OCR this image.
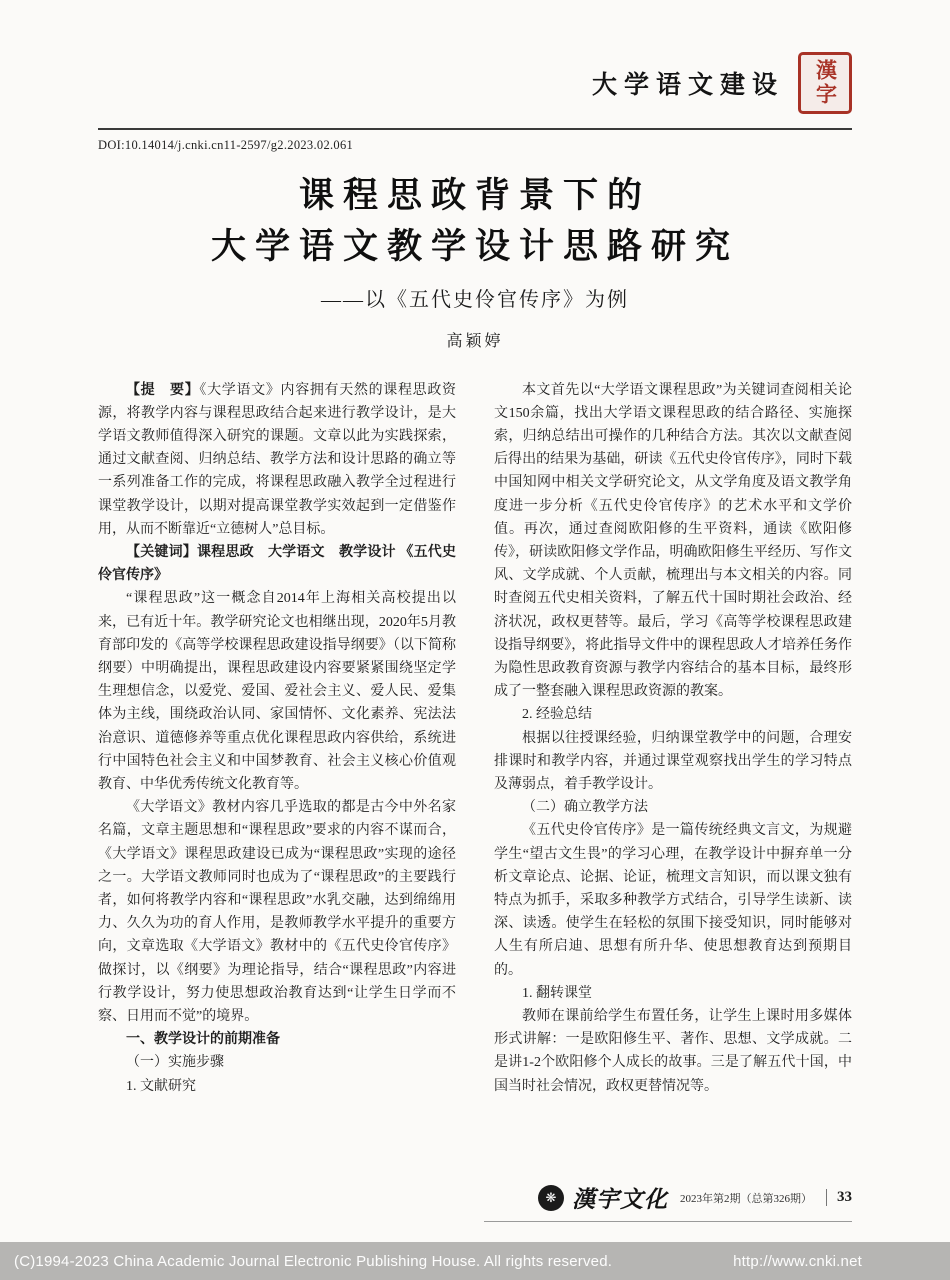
大学语文建设 漢字
DOI:10.14014/j.cnki.cn11-2597/g2.2023.02.061
课程思政背景下的
大学语文教学设计思路研究
——以《五代史伶官传序》为例
高颖婷

【提　要】《大学语文》内容拥有天然的课程思政资源，将教学内容与课程思政结合起来进行教学设计，是大学语文教师值得深入研究的课题。文章以此为实践探索，通过文献查阅、归纳总结、教学方法和设计思路的确立等一系列准备工作的完成，将课程思政融入教学全过程进行课堂教学设计，以期对提高课堂教学实效起到一定借鉴作用，从而不断靠近“立德树人”总目标。

【关键词】课程思政　大学语文　教学设计 《五代史伶官传序》

“课程思政”这一概念自2014年上海相关高校提出以来，已有近十年。教学研究论文也相继出现，2020年5月教育部印发的《高等学校课程思政建设指导纲要》（以下简称纲要）中明确提出，课程思政建设内容要紧紧围绕坚定学生理想信念，以爱党、爱国、爱社会主义、爱人民、爱集体为主线，围绕政治认同、家国情怀、文化素养、宪法法治意识、道德修养等重点优化课程思政内容供给，系统进行中国特色社会主义和中国梦教育、社会主义核心价值观教育、中华优秀传统文化教育等。

《大学语文》教材内容几乎选取的都是古今中外名家名篇，文章主题思想和“课程思政”要求的内容不谋而合，《大学语文》课程思政建设已成为“课程思政”实现的途径之一。大学语文教师同时也成为了“课程思政”的主要践行者，如何将教学内容和“课程思政”水乳交融，达到绵绵用力、久久为功的育人作用，是教师教学水平提升的重要方向，文章选取《大学语文》教材中的《五代史伶官传序》做探讨，以《纲要》为理论指导，结合“课程思政”内容进行教学设计，努力使思想政治教育达到“让学生日学而不察、日用而不觉”的境界。

一、教学设计的前期准备

（一）实施步骤

1. 文献研究

本文首先以“大学语文课程思政”为关键词查阅相关论文150余篇，找出大学语文课程思政的结合路径、实施探索，归纳总结出可操作的几种结合方法。其次以文献查阅后得出的结果为基础，研读《五代史伶官传序》，同时下载中国知网中相关文学研究论文，从文学角度及语文教学角度进一步分析《五代史伶官传序》的艺术水平和文学价值。再次，通过查阅欧阳修的生平资料，通读《欧阳修传》，研读欧阳修文学作品，明确欧阳修生平经历、写作文风、文学成就、个人贡献，梳理出与本文相关的内容。同时查阅五代史相关资料，了解五代十国时期社会政治、经济状况，政权更替等。最后，学习《高等学校课程思政建设指导纲要》，将此指导文件中的课程思政人才培养任务作为隐性思政教育资源与教学内容结合的基本目标，最终形成了一整套融入课程思政资源的教案。

2. 经验总结

根据以往授课经验，归纳课堂教学中的问题，合理安排课时和教学内容，并通过课堂观察找出学生的学习特点及薄弱点，着手教学设计。

（二）确立教学方法

《五代史伶官传序》是一篇传统经典文言文，为规避学生“望古文生畏”的学习心理，在教学设计中摒弃单一分析文章论点、论据、论证，梳理文言知识，而以课文独有特点为抓手，采取多种教学方式结合，引导学生读新、读深、读透。使学生在轻松的氛围下接受知识，同时能够对人生有所启迪、思想有所升华、使思想教育达到预期目的。

1. 翻转课堂

教师在课前给学生布置任务，让学生上课时用多媒体形式讲解：一是欧阳修生平、著作、思想、文学成就。二是讲1-2个欧阳修个人成长的故事。三是了解五代十国，中国当时社会情况，政权更替情况等。

❋ 漢宇文化 2023年第2期（总第326期）	33
(C)1994-2023 China Academic Journal Electronic Publishing House. All rights reserved.	http://www.cnki.net
